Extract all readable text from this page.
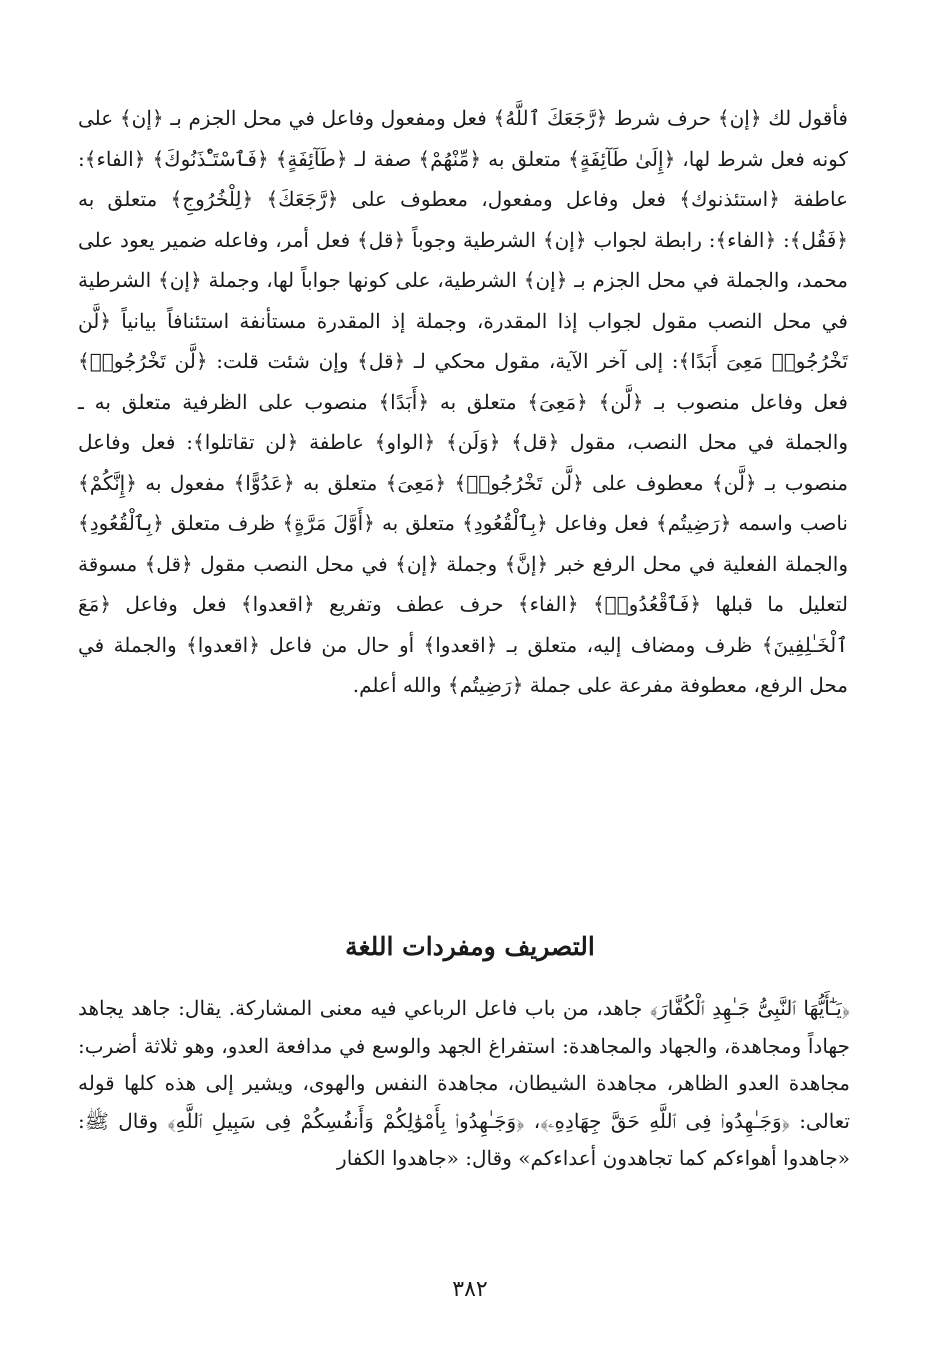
فأقول لك ﴿إن﴾ حرف شرط ﴿رَّجَعَكَ ٱللَّهُ﴾ فعل ومفعول وفاعل في محل الجزم بـ ﴿إن﴾ على كونه فعل شرط لها، ﴿إِلَىٰ طَآئِفَةٍ﴾ متعلق به ﴿مِّنْهُمْ﴾ صفة لـ ﴿طَآئِفَةٍ﴾ ﴿فَٱسْتَـْٔذَنُوكَ﴾ ﴿الفاء﴾: عاطفة ﴿استئذنوك﴾ فعل وفاعل ومفعول، معطوف على ﴿رَّجَعَكَ﴾ ﴿لِلْخُرُوجِ﴾ متعلق به ﴿فَقُل﴾: ﴿الفاء﴾: رابطة لجواب ﴿إن﴾ الشرطية وجوباً ﴿قل﴾ فعل أمر، وفاعله ضمير يعود على محمد، والجملة في محل الجزم بـ ﴿إن﴾ الشرطية، على كونها جواباً لها، وجملة ﴿إن﴾ الشرطية في محل النصب مقول لجواب إذا المقدرة، وجملة إذ المقدرة مستأنفة استئنافاً بيانياً ﴿لَّن تَخْرُجُوا۟ مَعِىَ أَبَدًا﴾: إلى آخر الآية، مقول محكي لـ ﴿قل﴾ وإن شئت قلت: ﴿لَّن تَخْرُجُوا۟﴾ فعل وفاعل منصوب بـ ﴿لَّن﴾ ﴿مَعِىَ﴾ متعلق به ﴿أَبَدًا﴾ منصوب على الظرفية متعلق به ـ والجملة في محل النصب، مقول ﴿قل﴾ ﴿وَلَن﴾ ﴿الواو﴾ عاطفة ﴿لن تقاتلوا﴾: فعل وفاعل منصوب بـ ﴿لَّن﴾ معطوف على ﴿لَّن تَخْرُجُوا۟﴾ ﴿مَعِىَ﴾ متعلق به ﴿عَدُوًّا﴾ مفعول به ﴿إِنَّكُمْ﴾ ناصب واسمه ﴿رَضِيتُم﴾ فعل وفاعل ﴿بِٱلْقُعُودِ﴾ متعلق به ﴿أَوَّلَ مَرَّةٍ﴾ ظرف متعلق ﴿بِٱلْقُعُودِ﴾ والجملة الفعلية في محل الرفع خبر ﴿إنَّ﴾ وجملة ﴿إن﴾ في محل النصب مقول ﴿قل﴾ مسوقة لتعليل ما قبلها ﴿فَٱقْعُدُوا۟﴾ ﴿الفاء﴾ حرف عطف وتفريع ﴿اقعدوا﴾ فعل وفاعل ﴿مَعَ ٱلْخَـٰلِفِينَ﴾ ظرف ومضاف إليه، متعلق بـ ﴿اقعدوا﴾ أو حال من فاعل ﴿اقعدوا﴾ والجملة في محل الرفع، معطوفة مفرعة على جملة ﴿رَضِيتُم﴾ والله أعلم.

التصريف ومفردات اللغة

﴿يَـٰٓأَيُّهَا ٱلنَّبِىُّ جَـٰهِدِ ٱلْكُفَّارَ﴾ جاهد، من باب فاعل الرباعي فيه معنى المشاركة. يقال: جاهد يجاهد جهاداً ومجاهدة، والجهاد والمجاهدة: استفراغ الجهد والوسع في مدافعة العدو، وهو ثلاثة أضرب: مجاهدة العدو الظاهر، مجاهدة الشيطان، مجاهدة النفس والهوى، ويشير إلى هذه كلها قوله تعالى: ﴿وَجَـٰهِدُوا۟ فِى ٱللَّهِ حَقَّ جِهَادِهِۦ﴾، ﴿وَجَـٰهِدُوا۟ بِأَمْوَٰلِكُمْ وَأَنفُسِكُمْ فِى سَبِيلِ ٱللَّهِ﴾ وقال ﷺ: «جاهدوا أهواءكم كما تجاهدون أعداءكم» وقال: «جاهدوا الكفار

٣٨٢
